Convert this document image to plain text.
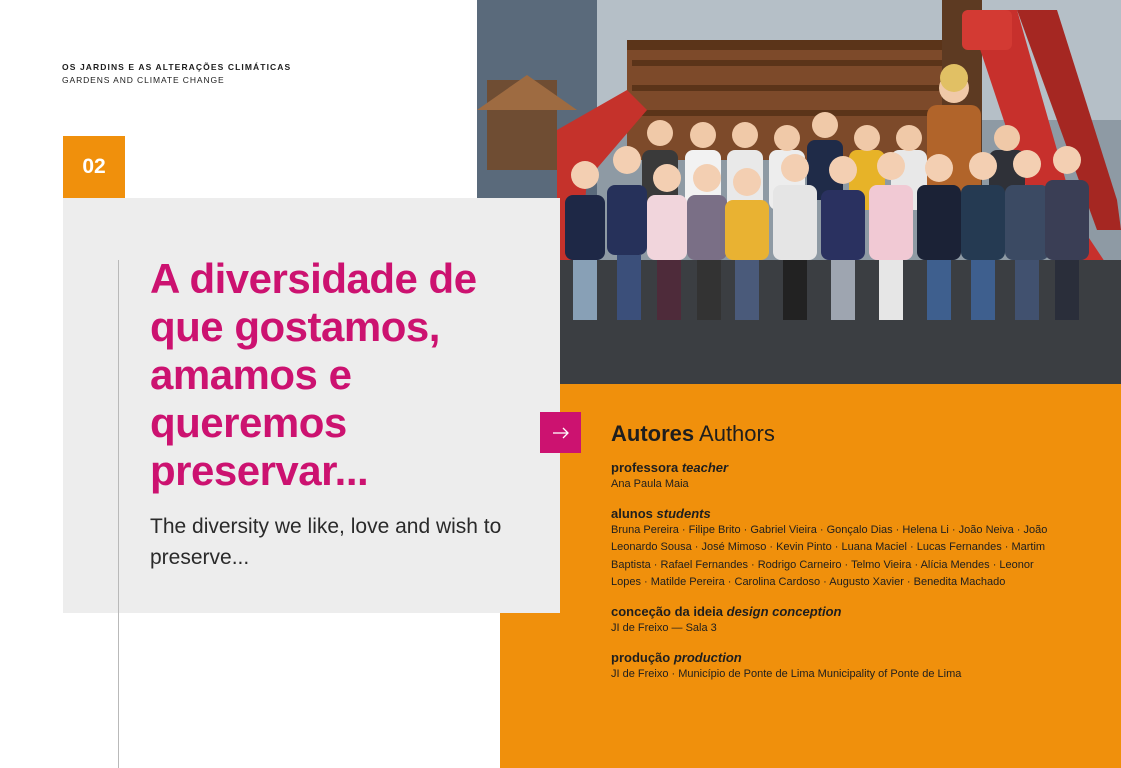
OS JARDINS E AS ALTERAÇÕES CLIMÁTICAS
GARDENS AND CLIMATE CHANGE
02
A diversidade de que gostamos, amamos e queremos preservar...
The diversity we like, love and wish to preserve...
Autores Authors
professora teacher
Ana Paula Maia
alunos students
Bruna Pereira · Filipe Brito · Gabriel Vieira · Gonçalo Dias · Helena Li · João Neiva · João Leonardo Sousa · José Mimoso · Kevin Pinto · Luana Maciel · Lucas Fernandes · Martim Baptista · Rafael Fernandes · Rodrigo Carneiro · Telmo Vieira · Alícia Mendes · Leonor Lopes · Matilde Pereira · Carolina Cardoso · Augusto Xavier · Benedita Machado
conceção da ideia design conception
JI de Freixo — Sala 3
produção production
JI de Freixo · Município de Ponte de Lima Municipality of Ponte de Lima
